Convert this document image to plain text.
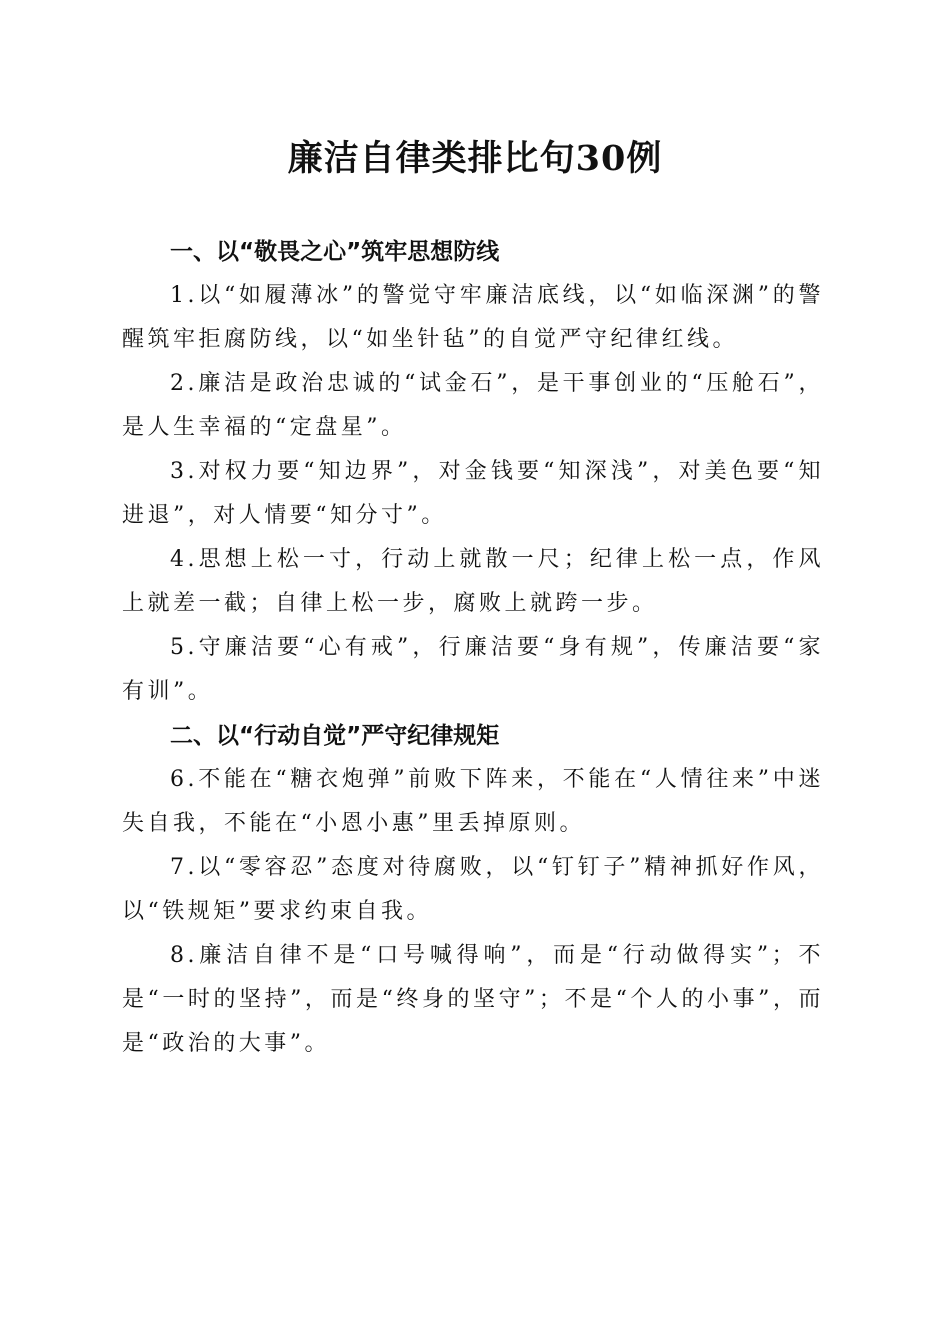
廉洁自律类排比句30例

一、以“敬畏之心”筑牢思想防线

1.以“如履薄冰”的警觉守牢廉洁底线，以“如临深渊”的警醒筑牢拒腐防线，以“如坐针毡”的自觉严守纪律红线。

2.廉洁是政治忠诚的“试金石”，是干事创业的“压舱石”，是人生幸福的“定盘星”。

3.对权力要“知边界”，对金钱要“知深浅”，对美色要“知进退”，对人情要“知分寸”。

4.思想上松一寸，行动上就散一尺；纪律上松一点，作风上就差一截；自律上松一步，腐败上就跨一步。

5.守廉洁要“心有戒”，行廉洁要“身有规”，传廉洁要“家有训”。

二、以“行动自觉”严守纪律规矩

6.不能在“糖衣炮弹”前败下阵来，不能在“人情往来”中迷失自我，不能在“小恩小惠”里丢掉原则。

7.以“零容忍”态度对待腐败，以“钉钉子”精神抓好作风，以“铁规矩”要求约束自我。

8.廉洁自律不是“口号喊得响”，而是“行动做得实”；不是“一时的坚持”，而是“终身的坚守”；不是“个人的小事”，而是“政治的大事”。
